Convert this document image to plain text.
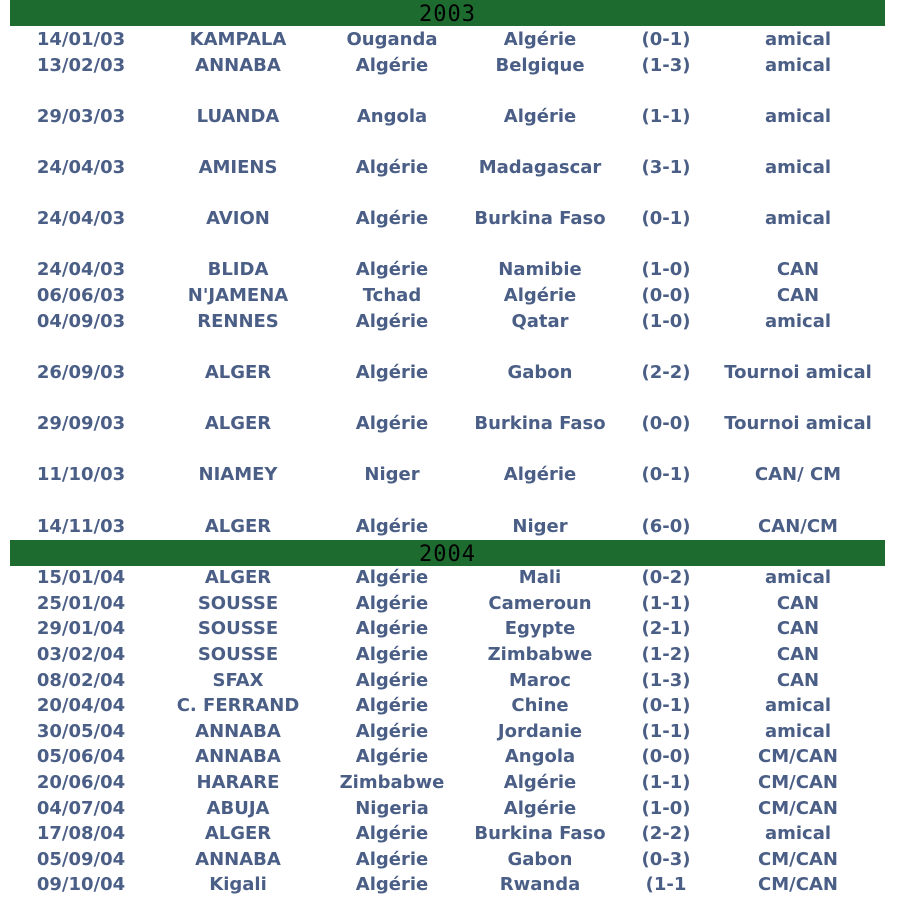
2003
2004
14/01/03	KAMPALA	Ouganda	Algérie	(0-1)	amical
13/02/03	ANNABA	Algérie	Belgique	(1-3)	amical
29/03/03	LUANDA	Angola	Algérie	(1-1)	amical
24/04/03	AMIENS	Algérie	Madagascar	(3-1)	amical
24/04/03	AVION	Algérie	Burkina Faso	(0-1)	amical
24/04/03	BLIDA	Algérie	Namibie	(1-0)	CAN
06/06/03	N'JAMENA	Tchad	Algérie	(0-0)	CAN
04/09/03	RENNES	Algérie	Qatar	(1-0)	amical
26/09/03	ALGER	Algérie	Gabon	(2-2)	Tournoi amical
29/09/03	ALGER	Algérie	Burkina Faso	(0-0)	Tournoi amical
11/10/03	NIAMEY	Niger	Algérie	(0-1)	CAN/ CM
14/11/03	ALGER	Algérie	Niger	(6-0)	CAN/CM
15/01/04	ALGER	Algérie	Mali	(0-2)	amical
25/01/04	SOUSSE	Algérie	Cameroun	(1-1)	CAN
29/01/04	SOUSSE	Algérie	Egypte	(2-1)	CAN
03/02/04	SOUSSE	Algérie	Zimbabwe	(1-2)	CAN
08/02/04	SFAX	Algérie	Maroc	(1-3)	CAN
20/04/04	C. FERRAND	Algérie	Chine	(0-1)	amical
30/05/04	ANNABA	Algérie	Jordanie	(1-1)	amical
05/06/04	ANNABA	Algérie	Angola	(0-0)	CM/CAN
20/06/04	HARARE	Zimbabwe	Algérie	(1-1)	CM/CAN
04/07/04	ABUJA	Nigeria	Algérie	(1-0)	CM/CAN
17/08/04	ALGER	Algérie	Burkina Faso	(2-2)	amical
05/09/04	ANNABA	Algérie	Gabon	(0-3)	CM/CAN
09/10/04	Kigali	Algérie	Rwanda	(1-1	CM/CAN
